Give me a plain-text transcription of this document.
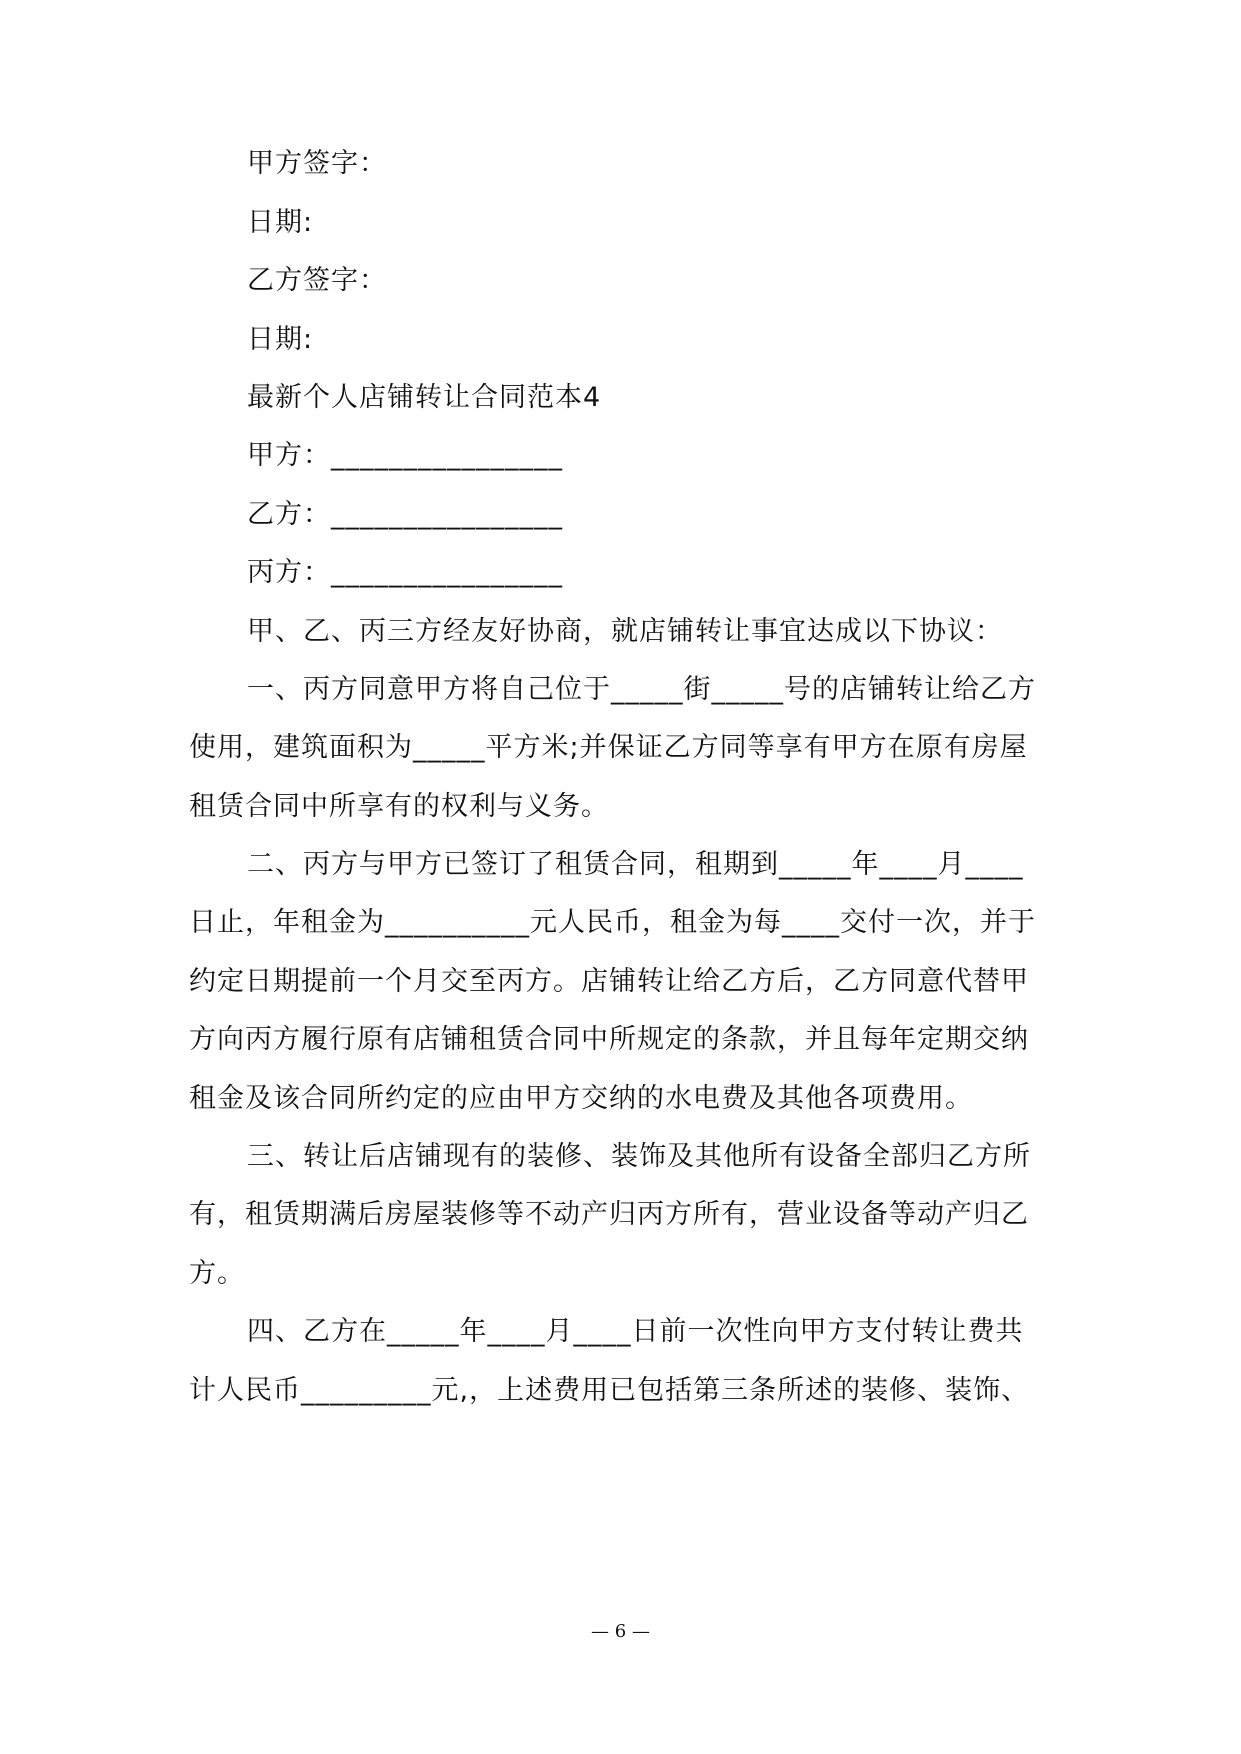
甲方签字：
日期:
乙方签字：
日期:
最新个人店铺转让合同范本4
甲方：________________
乙方：________________
丙方：________________
甲、乙、丙三方经友好协商，就店铺转让事宜达成以下协议：
一、丙方同意甲方将自己位于_____街_____号的店铺转让给乙方
使用，建筑面积为_____平方米;并保证乙方同等享有甲方在原有房屋
租赁合同中所享有的权利与义务。
二、丙方与甲方已签订了租赁合同，租期到_____年____月____
日止，年租金为__________元人民币，租金为每____交付一次，并于
约定日期提前一个月交至丙方。店铺转让给乙方后，乙方同意代替甲
方向丙方履行原有店铺租赁合同中所规定的条款，并且每年定期交纳
租金及该合同所约定的应由甲方交纳的水电费及其他各项费用。
三、转让后店铺现有的装修、装饰及其他所有设备全部归乙方所
有，租赁期满后房屋装修等不动产归丙方所有，营业设备等动产归乙
方。
四、乙方在_____年____月____日前一次性向甲方支付转让费共
计人民币_________元,，上述费用已包括第三条所述的装修、装饰、
— 6 —
